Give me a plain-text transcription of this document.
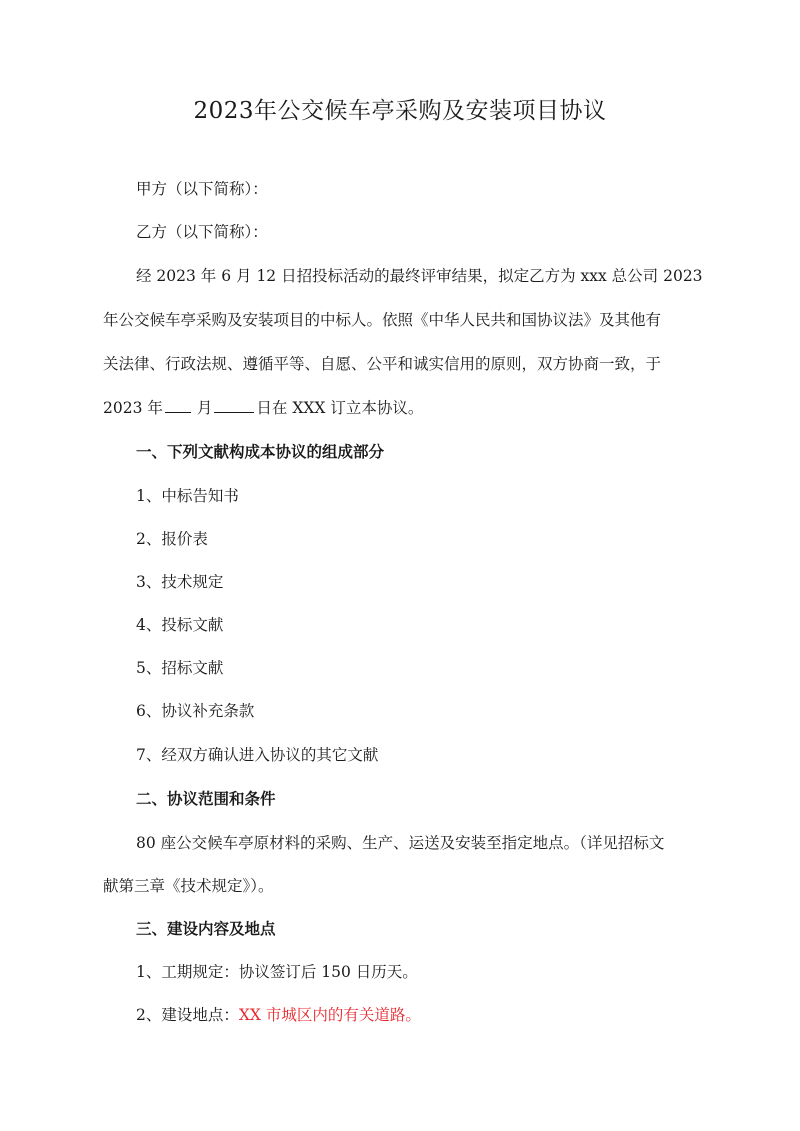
2023年公交候车亭采购及安装项目协议
甲方（以下简称）：
乙方（以下简称）：
经 2023 年 6 月 12 日招投标活动的最终评审结果，拟定乙方为 xxx 总公司 2023
年公交候车亭采购及安装项目的中标人。依照《中华人民共和国协议法》及其他有
关法律、行政法规、遵循平等、自愿、公平和诚实信用的原则，双方协商一致，于
2023 年 月	日在 XXX 订立本协议。
一、下列文献构成本协议的组成部分
1、中标告知书
2、报价表
3、技术规定
4、投标文献
5、招标文献
6、协议补充条款
7、经双方确认进入协议的其它文献
二、协议范围和条件
80 座公交候车亭原材料的采购、生产、运送及安装至指定地点。（详见招标文
献第三章《技术规定》）。
三、建设内容及地点
1、工期规定：协议签订后 150 日历天。
2、建设地点：XX 市城区内的有关道路。
